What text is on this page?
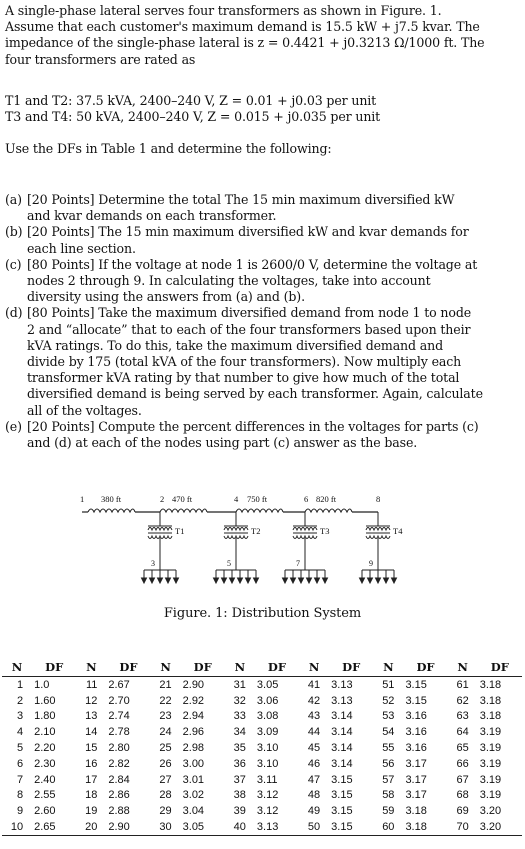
A single-phase lateral serves four transformers as shown in Figure. 1.
Assume that each customer's maximum demand is 15.5 kW + j7.5 kvar. The
impedance of the single-phase lateral is z = 0.4421 + j0.3213 Ω/1000 ft. The
four transformers are rated as
T1 and T2: 37.5 kVA, 2400–240 V, Z = 0.01 + j0.03 per unit
T3 and T4: 50 kVA, 2400–240 V, Z = 0.015 + j0.035 per unit
Use the DFs in Table 1 and determine the following:
(a) [20 Points] Determine the total The 15 min maximum diversified kW
and kvar demands on each transformer.
(b) [20 Points] The 15 min maximum diversified kW and kvar demands for
each line section.
(c) [80 Points] If the voltage at node 1 is 2600/0 V, determine the voltage at
nodes 2 through 9. In calculating the voltages, take into account
diversity using the answers from (a) and (b).
(d) [80 Points] Take the maximum diversified demand from node 1 to node
2 and “allocate” that to each of the four transformers based upon their
kVA ratings. To do this, take the maximum diversified demand and
divide by 175 (total kVA of the four transformers). Now multiply each
transformer kVA rating by that number to give how much of the total
diversified demand is being served by each transformer. Again, calculate
all of the voltages.
(e) [20 Points] Compute the percent differences in the voltages for parts (c)
and (d) at each of the nodes using part (c) answer as the base.
1	2	4	6	8
380 ft	470 ft	750 ft	820 ft
T1
3
T2
5
T3
7
T4
9
Figure. 1: Distribution System
N	DF	N	DF	N	DF	N	DF	N	DF	N	DF	N	DF
1	1.0	11	2.67	21	2.90	31	3.05	41	3.13	51	3.15	61	3.18
2	1.60	12	2.70	22	2.92	32	3.06	42	3.13	52	3.15	62	3.18
3	1.80	13	2.74	23	2.94	33	3.08	43	3.14	53	3.16	63	3.18
4	2.10	14	2.78	24	2.96	34	3.09	44	3.14	54	3.16	64	3.19
5	2.20	15	2.80	25	2.98	35	3.10	45	3.14	55	3.16	65	3.19
6	2.30	16	2.82	26	3.00	36	3.10	46	3.14	56	3.17	66	3.19
7	2.40	17	2.84	27	3.01	37	3.11	47	3.15	57	3.17	67	3.19
8	2.55	18	2.86	28	3.02	38	3.12	48	3.15	58	3.17	68	3.19
9	2.60	19	2.88	29	3.04	39	3.12	49	3.15	59	3.18	69	3.20
10	2.65	20	2.90	30	3.05	40	3.13	50	3.15	60	3.18	70	3.20
